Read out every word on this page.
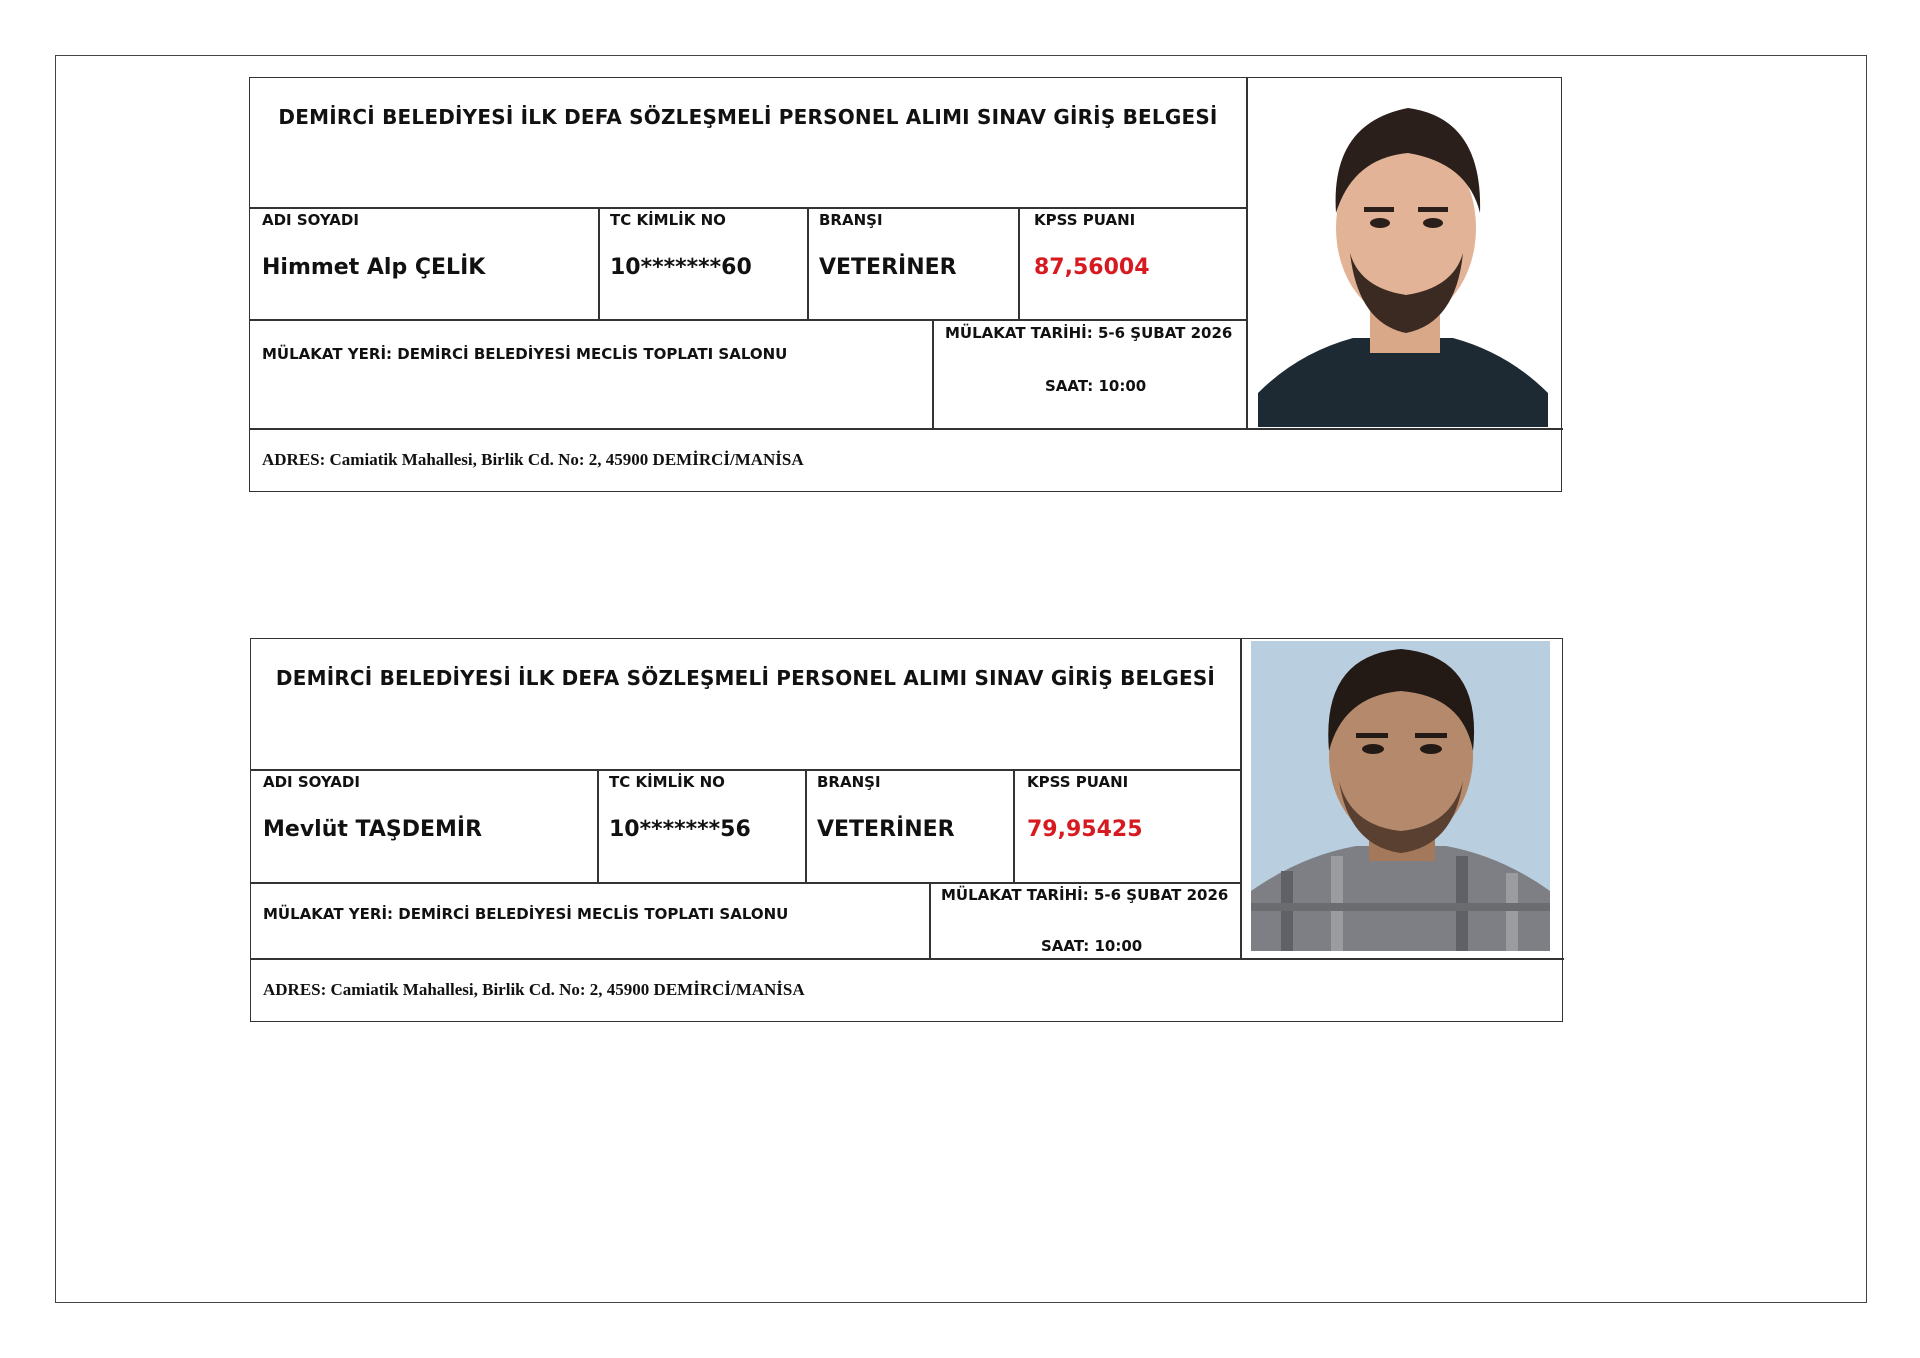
DEMİRCİ BELEDİYESİ İLK DEFA SÖZLEŞMELİ PERSONEL ALIMI SINAV GİRİŞ BELGESİ
ADI SOYADI
Himmet Alp ÇELİK
TC KİMLİK NO
10*******60
BRANŞI
VETERİNER
KPSS PUANI
87,56004
MÜLAKAT YERİ: DEMİRCİ BELEDİYESİ MECLİS TOPLATI SALONU
MÜLAKAT TARİHİ: 5-6 ŞUBAT 2026
SAAT: 10:00
ADRES: Camiatik Mahallesi, Birlik Cd. No: 2, 45900 DEMİRCİ/MANİSA
DEMİRCİ BELEDİYESİ İLK DEFA SÖZLEŞMELİ PERSONEL ALIMI SINAV GİRİŞ BELGESİ
ADI SOYADI
Mevlüt TAŞDEMİR
TC KİMLİK NO
10*******56
BRANŞI
VETERİNER
KPSS PUANI
79,95425
MÜLAKAT YERİ: DEMİRCİ BELEDİYESİ MECLİS TOPLATI SALONU
MÜLAKAT TARİHİ: 5-6 ŞUBAT 2026
SAAT: 10:00
ADRES: Camiatik Mahallesi, Birlik Cd. No: 2, 45900 DEMİRCİ/MANİSA
